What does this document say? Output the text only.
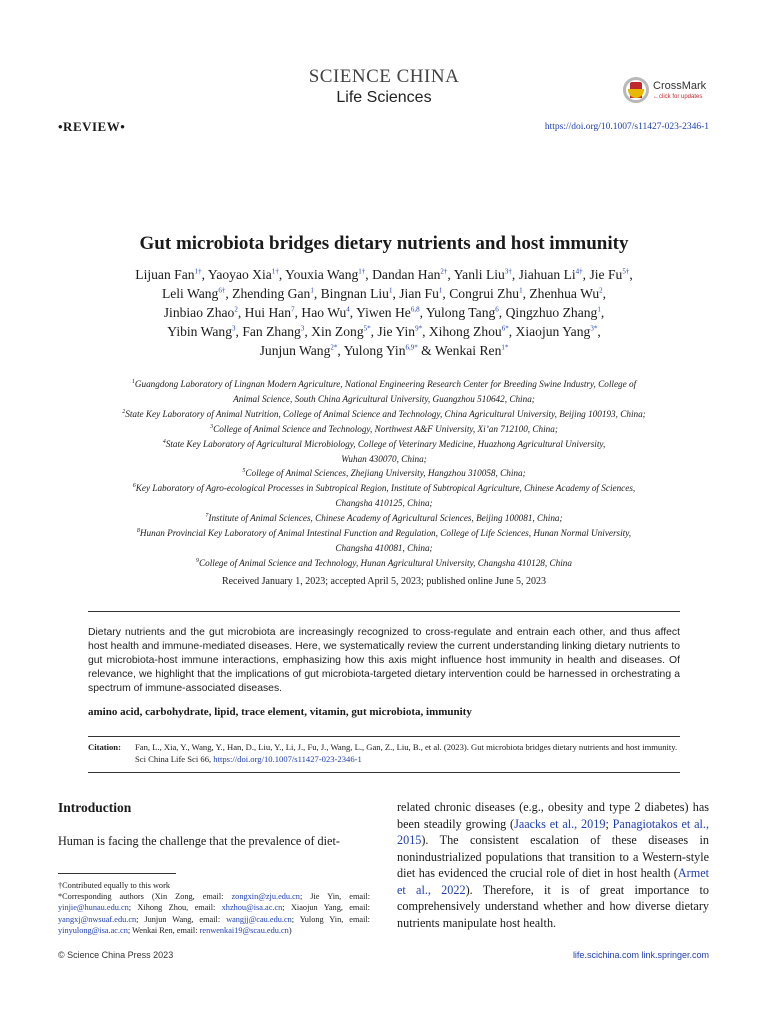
SCIENCE CHINA
Life Sciences
CrossMark
←click for updates
•REVIEW•	https://doi.org/10.1007/s11427-023-2346-1
Gut microbiota bridges dietary nutrients and host immunity
Lijuan Fan$^{1\dagger}$, Yaoyao Xia$^{1\dagger}$, Youxia Wang$^{1\dagger}$, Dandan Han$^{2\dagger}$, Yanli Liu$^{3\dagger}$, Jiahuan $Li^{4\dagger}$, Jie $Fu^{5\dagger}$,
Leli Wang$^{6\dagger}$, Zhending Gan$^1$, Bingnan Liu$^1$, Jian Fu$^1$, Congrui Zhu$^1$, Zhenhua Wu$^2$,
Jinbiao Zhao$^2$, Hui Han$^7$, Hao Wu$^4$, Yiwen He$^{6,8}$, Yulong Tang$^6$, Qingzhuo Zhang$^1$,
Yibin Wang$^3$, Fan Zhang$^3$, Xin Zong$^{5*}$, Jie Yin$^{9*}$, Xihong Zhou$^{6*}$, Xiaojun Yang$^{3*}$,
Junjun Wang$^{2*}$, Yulong Yin$^{6,9*}$ & Wenkai Ren$^{1*}$
$^1$Guangdong Laboratory of Lingnan Modern Agriculture, National Engineering Research Center for Breeding Swine Industry, College of
Animal Science, South China Agricultural University, Guangzhou 510642, China;
$^2$State Key Laboratory of Animal Nutrition, College of Animal Science and Technology, China Agricultural University, Beijing 100193, China;
$^3$College of Animal Science and Technology, Northwest A&F University, Xi’an 712100, China;
$^4$State Key Laboratory of Agricultural Microbiology, College of Veterinary Medicine, Huazhong Agricultural University,
Wuhan 430070, China;
$^5$College of Animal Sciences, Zhejiang University, Hangzhou 310058, China;
$^6$Key Laboratory of Agro-ecological Processes in Subtropical Region, Institute of Subtropical Agriculture, Chinese Academy of Sciences,
Changsha 410125, China;
$^7$Institute of Animal Sciences, Chinese Academy of Agricultural Sciences, Beijing 100081, China;
$^8$Hunan Provincial Key Laboratory of Animal Intestinal Function and Regulation, College of Life Sciences, Hunan Normal University,
Changsha 410081, China;
$^9$College of Animal Science and Technology, Hunan Agricultural University, Changsha 410128, China
Received January 1, 2023; accepted April 5, 2023; published online June 5, 2023
Dietary nutrients and the gut microbiota are increasingly recognized to cross-regulate and entrain each other, and thus affect host health and immune-mediated diseases. Here, we systematically review the current understanding linking dietary nutrients to gut microbiota-host immune interactions, emphasizing how this axis might influence host immunity in health and diseases. Of relevance, we highlight that the implications of gut microbiota-targeted dietary intervention could be harnessed in orchestrating a spectrum of immune-associated diseases.
amino acid, carbohydrate, lipid, trace element, vitamin, gut microbiota, immunity
Citation:	Fan, L., Xia, Y., Wang, Y., Han, D., Liu, Y., Li, J., Fu, J., Wang, L., Gan, Z., Liu, B., et al. (2023). Gut microbiota bridges dietary nutrients and host immunity. Sci China Life Sci 66, https://doi.org/10.1007/s11427-023-2346-1
Introduction
Human is facing the challenge that the prevalence of diet-
related chronic diseases (e.g., obesity and type 2 diabetes) has been steadily growing (Jaacks et al., 2019; Panagiotakos et al., 2015). The consistent escalation of these diseases in nonindustrialized populations that transition to a Western-style diet has evidenced the crucial role of diet in host health (Armet et al., 2022). Therefore, it is of great importance to comprehensively understand whether and how diverse dietary nutrients manipulate host health.
†Contributed equally to this work
*Corresponding authors (Xin Zong, email: zongxin@zju.edu.cn; Jie Yin, email: yinjie@hunau.edu.cn; Xihong Zhou, email: xhzhou@isa.ac.cn; Xiaojun Yang, email: yangxj@nwsuaf.edu.cn; Junjun Wang, email: wangjj@cau.edu.cn; Yulong Yin, email: yinyulong@isa.ac.cn; Wenkai Ren, email: renwenkai19@scau.edu.cn)
© Science China Press 2023	life.scichina.com link.springer.com
